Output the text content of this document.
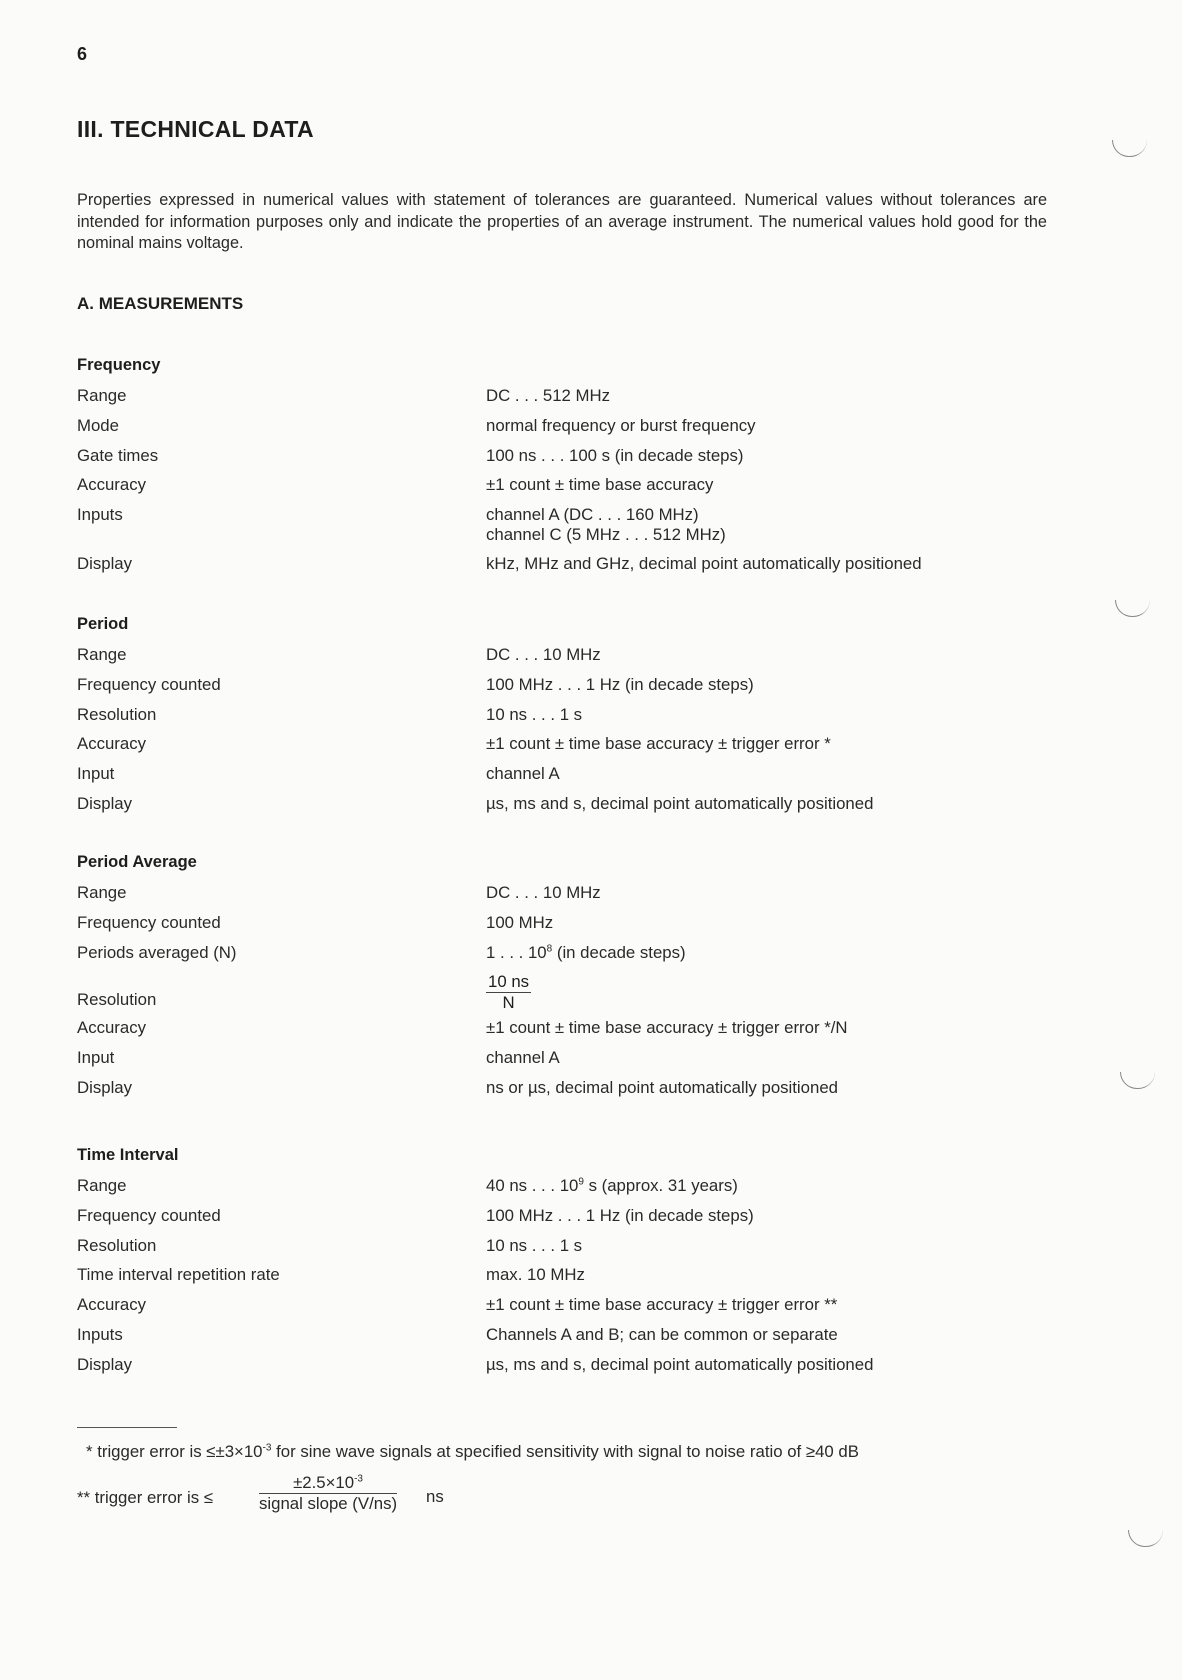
6
III. TECHNICAL DATA
Properties expressed in numerical values with statement of tolerances are guaranteed. Numerical values without tolerances are intended for information purposes only and indicate the properties of an average instrument. The numerical values hold good for the nominal mains voltage.
A. MEASUREMENTS
Frequency
Range	DC . . . 512 MHz
Mode	normal frequency or burst frequency
Gate times	100 ns . . . 100 s (in decade steps)
Accuracy	±1 count ± time base accuracy
Inputs	channel A (DC . . . 160 MHz)
channel C (5 MHz . . . 512 MHz)
Display	kHz, MHz and GHz, decimal point automatically positioned
Period
Range	DC . . . 10 MHz
Frequency counted	100 MHz . . . 1 Hz (in decade steps)
Resolution	10 ns . . . 1 s
Accuracy	±1 count ± time base accuracy ± trigger error *
Input	channel A
Display	µs, ms and s, decimal point automatically positioned
Period Average
Range	DC . . . 10 MHz
Frequency counted	100 MHz
Periods averaged (N)	1 . . . $10^8$ (in decade steps)
Resolution	$\frac{10 ns}{N}$
Accuracy	±1 count ± time base accuracy ± trigger error */N
Input	channel A
Display	ns or µs, decimal point automatically positioned
Time Interval
Range	40 ns . . . $10^9$ s (approx. 31 years)
Frequency counted	100 MHz . . . 1 Hz (in decade steps)
Resolution	10 ns . . . 1 s
Time interval repetition rate	max. 10 MHz
Accuracy	±1 count ± time base accuracy ± trigger error **
Inputs	Channels A and B; can be common or separate
Display	µs, ms and s, decimal point automatically positioned
* trigger error is $\le\pm 3\times 10^{-3}$ for sine wave signals at specified sensitivity with signal to noise ratio of ≥40 dB
** trigger error is ≤
$\pm 2.5\times 10^{-3}$
signal slope (V/ns) ns
